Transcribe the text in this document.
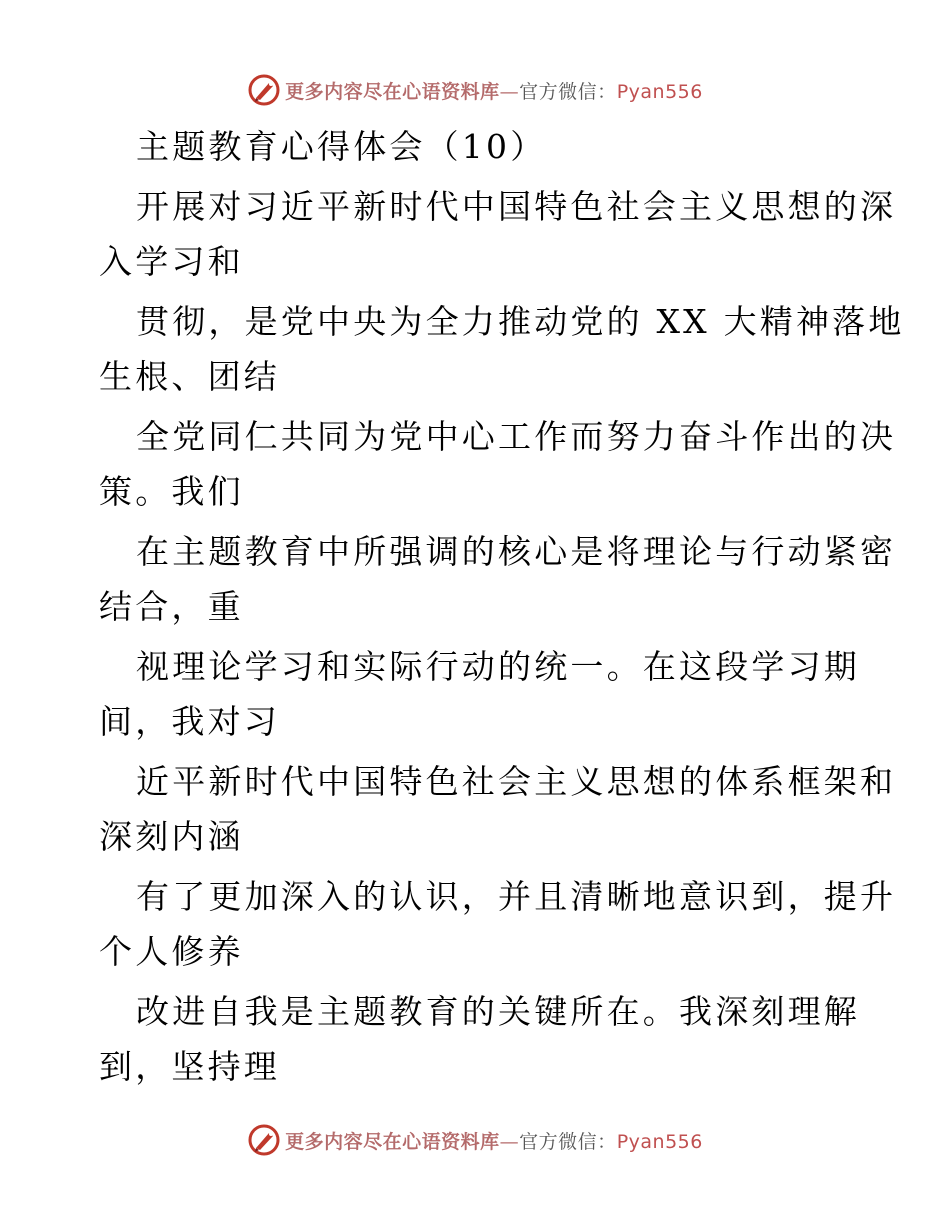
更多内容尽在心语资料库—官方微信：Pyan556
主题教育心得体会（10）
开展对习近平新时代中国特色社会主义思想的深
入学习和
贯彻，是党中央为全力推动党的 XX 大精神落地
生根、团结
全党同仁共同为党中心工作而努力奋斗作出的决
策。我们
在主题教育中所强调的核心是将理论与行动紧密
结合，重
视理论学习和实际行动的统一。在这段学习期
间，我对习
近平新时代中国特色社会主义思想的体系框架和
深刻内涵
有了更加深入的认识，并且清晰地意识到，提升
个人修养
改进自我是主题教育的关键所在。我深刻理解
到，坚持理
更多内容尽在心语资料库—官方微信：Pyan556
